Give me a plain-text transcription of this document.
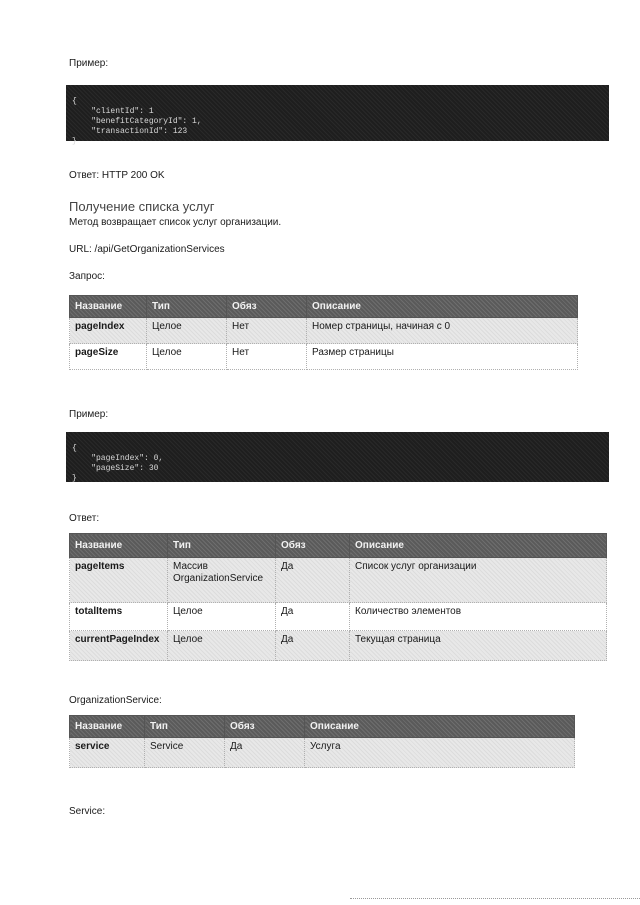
Пример:

{
"clientId": 1
"benefitCategoryId": 1,
"transactionId": 123
}

Ответ: HTTP 200 OK
Получение списка услуг
Метод возвращает список услуг организации.
URL: /api/GetOrganizationServices
Запрос:
Название	Тип	Обяз	Описание
pageIndex	Целое	Нет	Номер страницы, начиная с 0
pageSize	Целое	Нет	Размер страницы
Пример:

{
"pageIndex": 0,
"pageSize": 30
}

Ответ:
Название	Тип	Обяз	Описание
pageItems	Массив OrganizationService	Да	Список услуг организации
totalItems	Целое	Да	Количество элементов
currentPageIndex	Целое	Да	Текущая страница
OrganizationService:
Название	Тип	Обяз	Описание
service	Service	Да	Услуга
Service:
